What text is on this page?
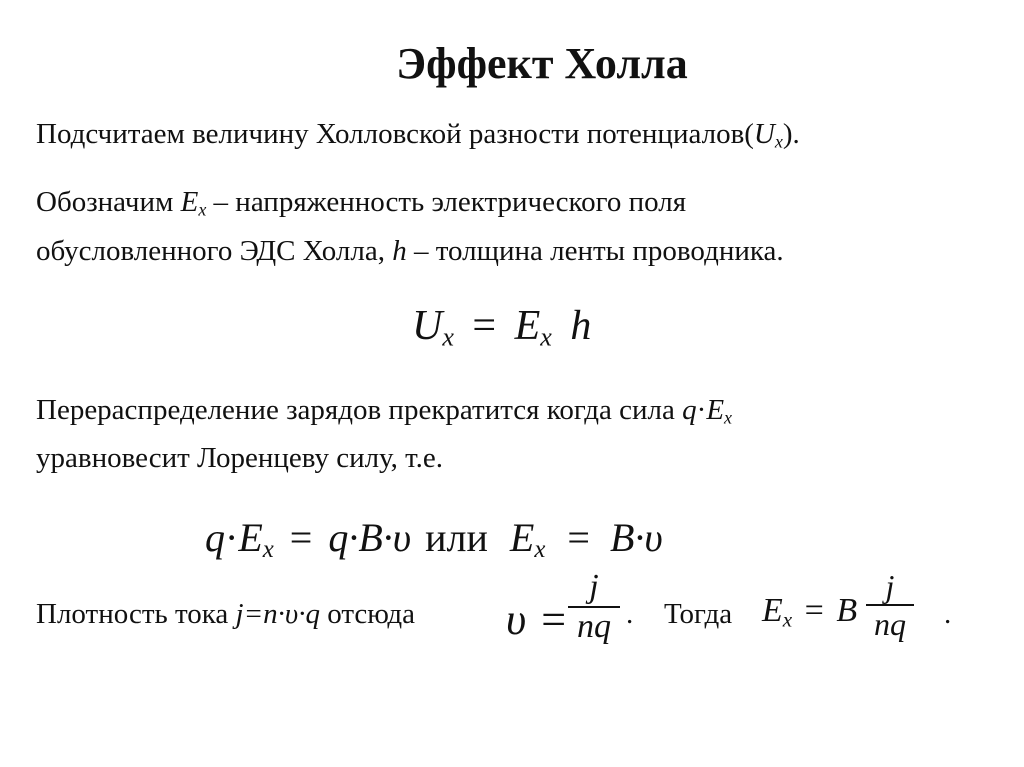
Эффект Холла
Подсчитаем величину Холловской разности $потенциалов(U_x)$.
Обозначим $E_x$ – напряженность электрического поля
обусловленного ЭДС Холла, h – толщина ленты проводника.
$U_x = E_x$ h
Перераспределение зарядов прекратится когда сила $q\cdot E_x$
уравновесит Лоренцеву силу, т.е.
$q\cdot E_x = q\cdot B\cdot\upsilon$ или $E_x = B\cdot\upsilon$
Плотность тока j=n·υ·q отсюда υ =
j
nq . Тогда $E_x = B$
j
nq .
